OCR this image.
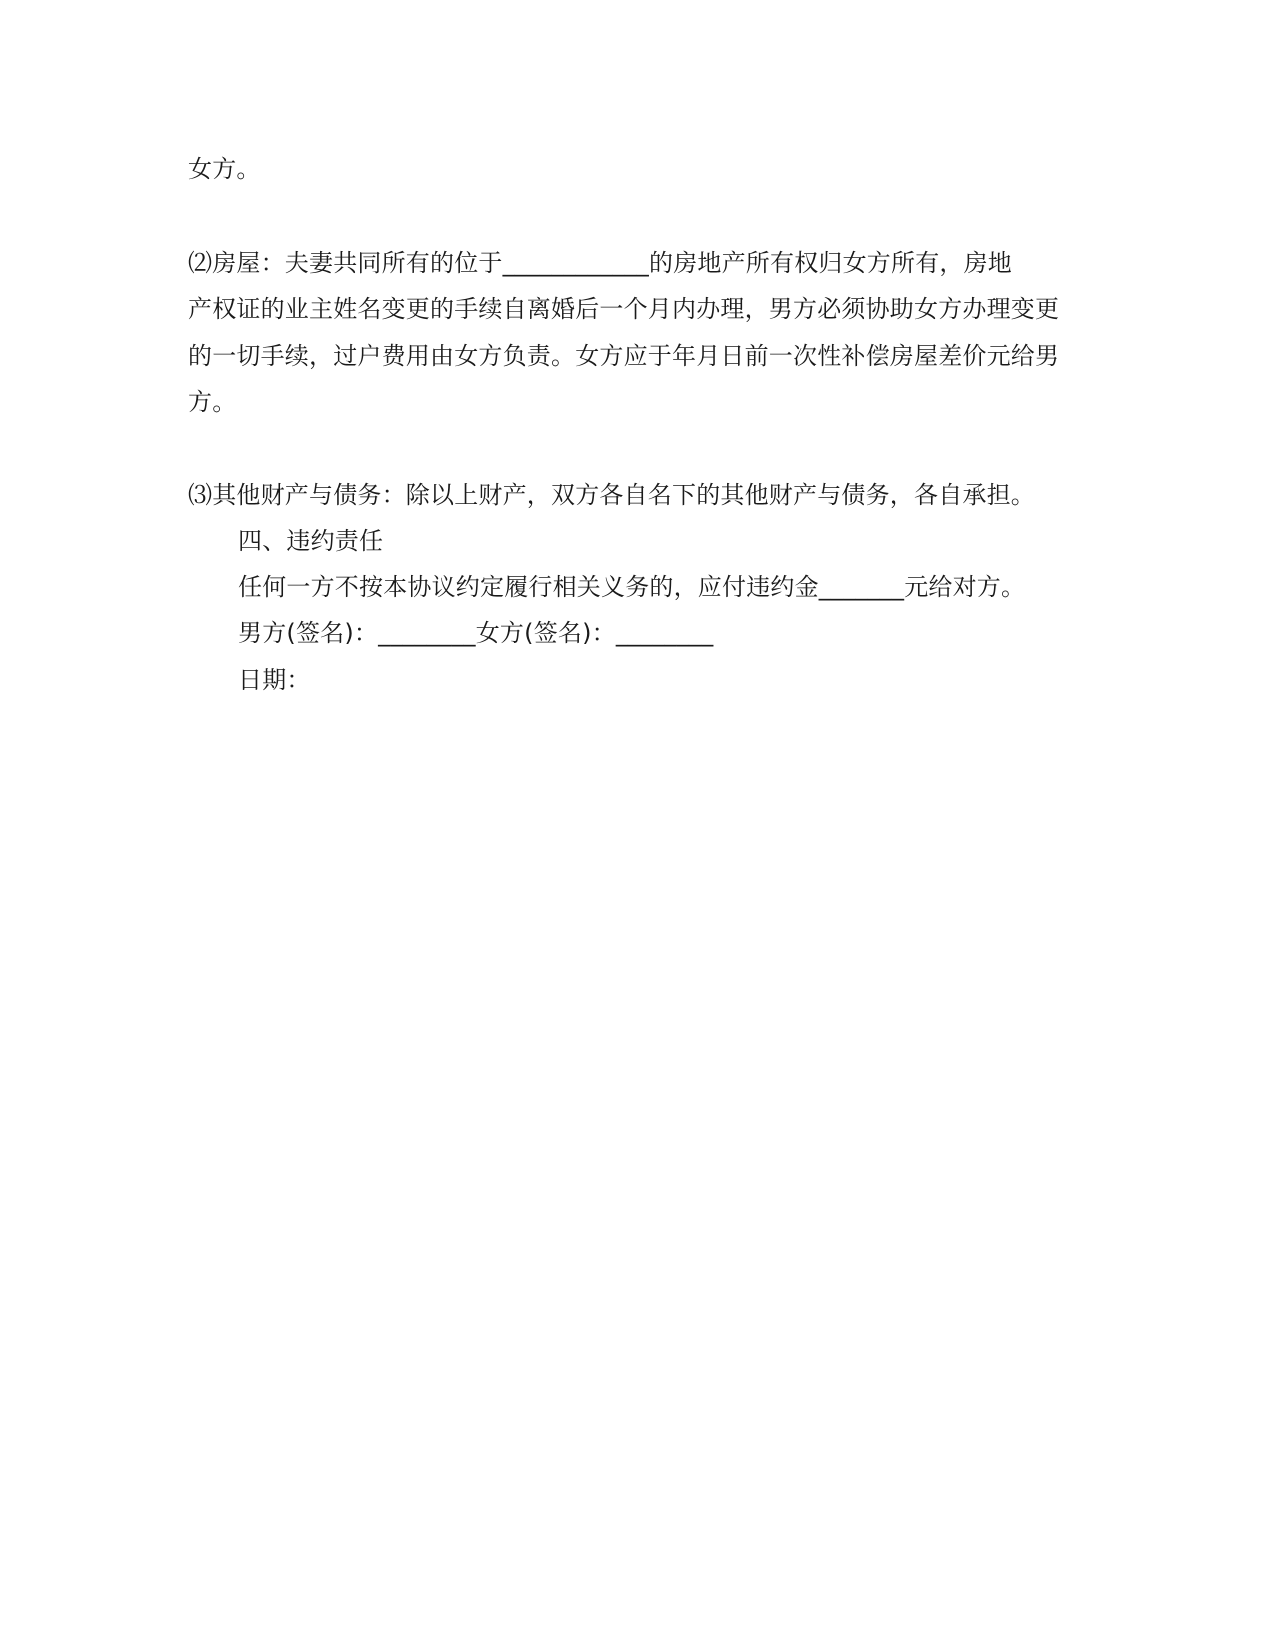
女方。
⑵房屋：夫妻共同所有的位于____________的房地产所有权归女方所有，房地
产权证的业主姓名变更的手续自离婚后一个月内办理，男方必须协助女方办理变更
的一切手续，过户费用由女方负责。女方应于年月日前一次性补偿房屋差价元给男
方。
⑶其他财产与债务：除以上财产，双方各自名下的其他财产与债务，各自承担。
四、违约责任
任何一方不按本协议约定履行相关义务的，应付违约金_______元给对方。
男方(签名)：________女方(签名)：________
日期：
